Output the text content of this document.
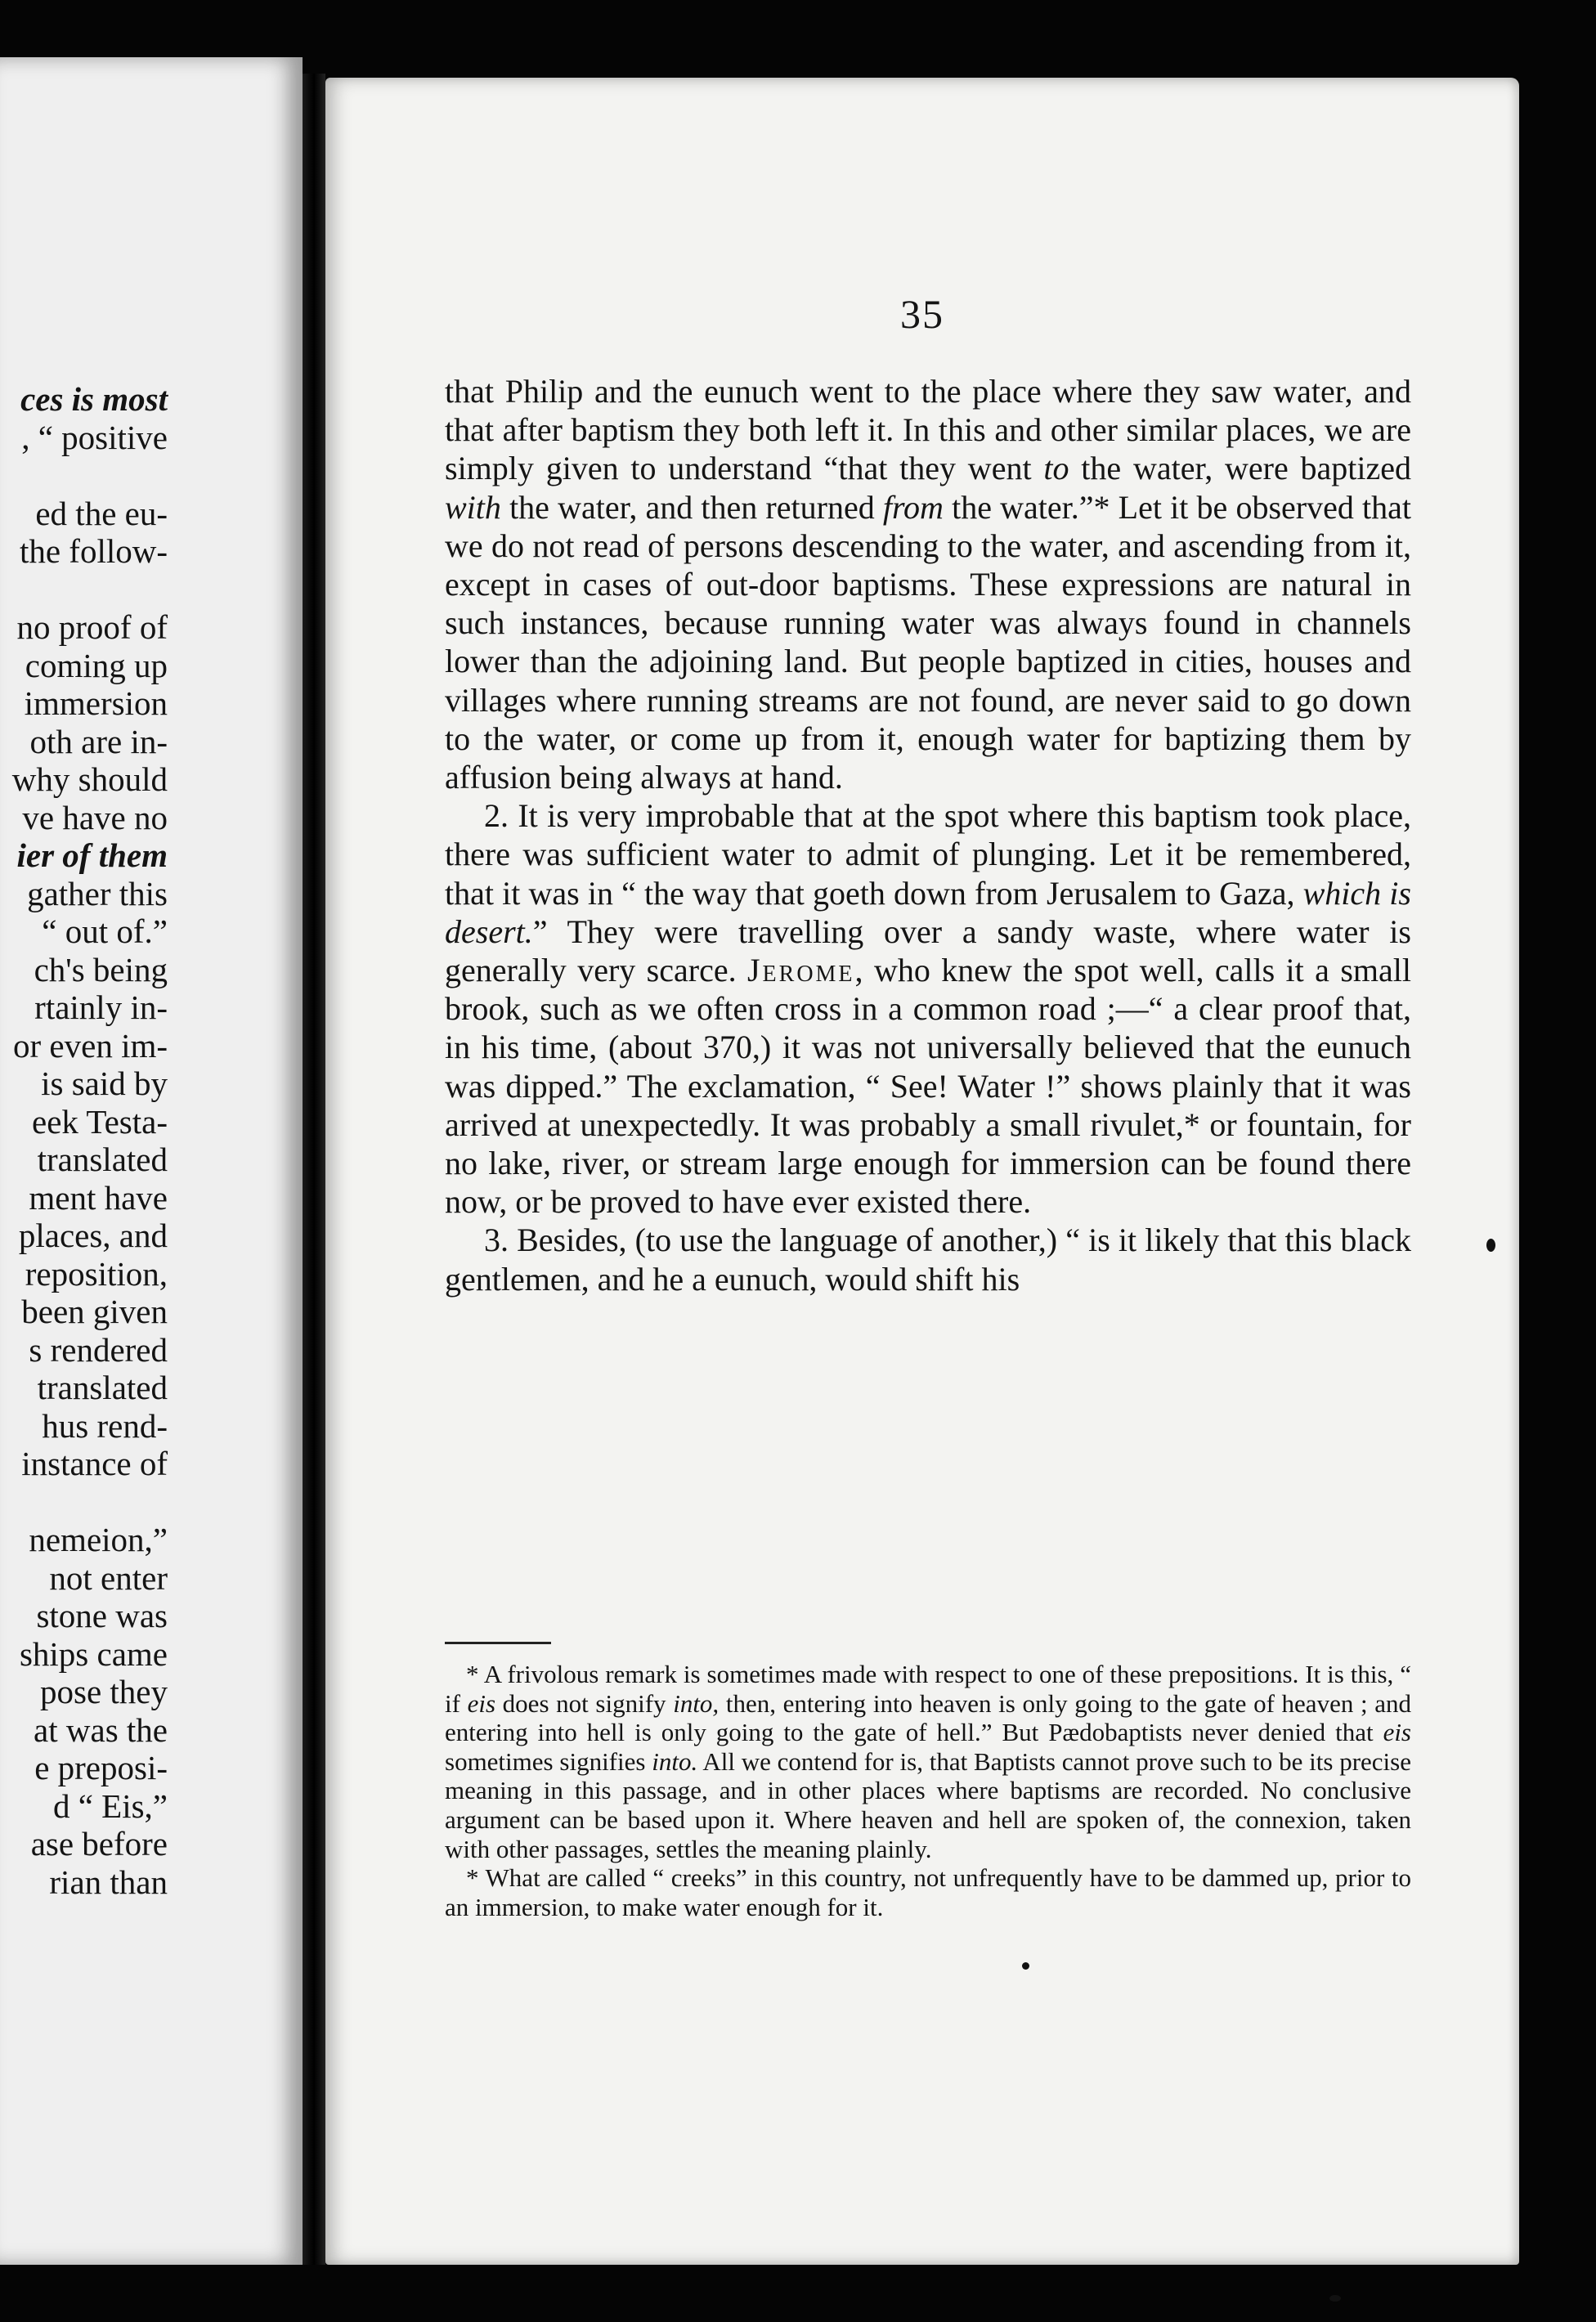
ces is most
, “ positive
ed the eu-
the follow-
no proof of
coming up
immersion
oth are in-
why should
ve have no
ier of them
gather this
“ out of.”
ch's being
rtainly in-
or even im-
is said by
eek Testa-
translated
ment have
places, and
reposition,
been given
s rendered
translated
hus rend-
instance of
nemeion,”
not enter
stone was
ships came
pose they
at was the
e preposi-
d “ Eis,”
ase before
rian than
35

that Philip and the eunuch went to the place where they saw water, and that after baptism they both left it. In this and other similar places, we are simply given to understand “that they went to the water, were baptized with the water, and then returned from the water.”* Let it be observed that we do not read of persons descending to the water, and ascending from it, except in cases of out-door baptisms. These expressions are natural in such instances, because running water was always found in channels lower than the adjoining land. But people baptized in cities, houses and villages where running streams are not found, are never said to go down to the water, or come up from it, enough water for baptizing them by affusion being always at hand.

2. It is very improbable that at the spot where this baptism took place, there was sufficient water to admit of plunging. Let it be remembered, that it was in “ the way that goeth down from Jerusalem to Gaza, which is desert.” They were travelling over a sandy waste, where water is generally very scarce. Jerome, who knew the spot well, calls it a small brook, such as we often cross in a common road ;—“ a clear proof that, in his time, (about 370,) it was not universally believed that the eunuch was dipped.” The exclamation, “ See! Water !” shows plainly that it was arrived at unexpectedly. It was probably a small rivulet,* or fountain, for no lake, river, or stream large enough for immersion can be found there now, or be proved to have ever existed there.

3. Besides, (to use the language of another,) “ is it likely that this black gentlemen, and he a eunuch, would shift his

* A frivolous remark is sometimes made with respect to one of these prepositions. It is this, “ if eis does not signify into, then, entering into heaven is only going to the gate of heaven ; and entering into hell is only going to the gate of hell.” But Pædobaptists never denied that eis sometimes signifies into. All we contend for is, that Baptists cannot prove such to be its precise meaning in this passage, and in other places where baptisms are recorded. No conclusive argument can be based upon it. Where heaven and hell are spoken of, the connexion, taken with other passages, settles the meaning plainly.

* What are called “ creeks” in this country, not unfrequently have to be dammed up, prior to an immersion, to make water enough for it.
